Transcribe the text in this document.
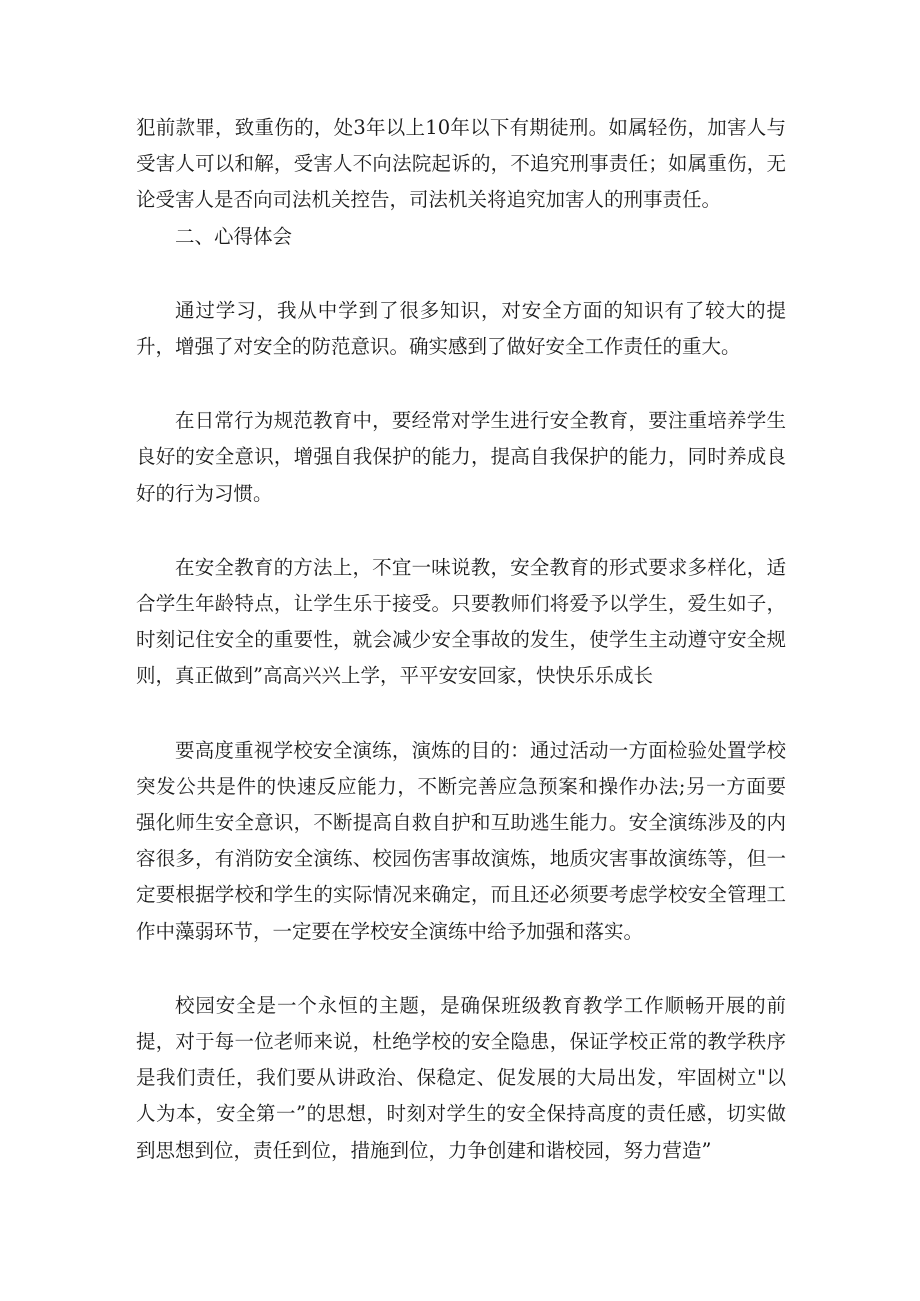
犯前款罪，致重伤的，处3年以上10年以下有期徒刑。如属轻伤，加害人与受害人可以和解，受害人不向法院起诉的，不追究刑事责任；如属重伤，无论受害人是否向司法机关控告，司法机关将追究加害人的刑事责任。

二、心得体会

通过学习，我从中学到了很多知识，对安全方面的知识有了较大的提升，增强了对安全的防范意识。确实感到了做好安全工作责任的重大。

在日常行为规范教育中，要经常对学生进行安全教育，要注重培养学生良好的安全意识，增强自我保护的能力，提高自我保护的能力，同时养成良好的行为习惯。

在安全教育的方法上，不宜一味说教，安全教育的形式要求多样化，适合学生年龄特点，让学生乐于接受。只要教师们将爱予以学生，爱生如子，时刻记住安全的重要性，就会减少安全事故的发生，使学生主动遵守安全规则，真正做到”高高兴兴上学，平平安安回家，快快乐乐成长

要高度重视学校安全演练，演炼的目的：通过活动一方面检验处置学校突发公共是件的快速反应能力，不断完善应急预案和操作办法;另一方面要强化师生安全意识，不断提高自救自护和互助逃生能力。安全演练涉及的内容很多，有消防安全演练、校园伤害事故演炼，地质灾害事故演练等，但一定要根据学校和学生的实际情况来确定，而且还必须要考虑学校安全管理工作中藻弱环节，一定要在学校安全演练中给予加强和落实。

校园安全是一个永恒的主题，是确保班级教育教学工作顺畅开展的前提，对于每一位老师来说，杜绝学校的安全隐患，保证学校正常的教学秩序是我们责任，我们要从讲政治、保稳定、促发展的大局出发，牢固树立"以人为本，安全第一”的思想，时刻对学生的安全保持高度的责任感，切实做到思想到位，责任到位，措施到位，力争创建和谐校园，努力营造”
